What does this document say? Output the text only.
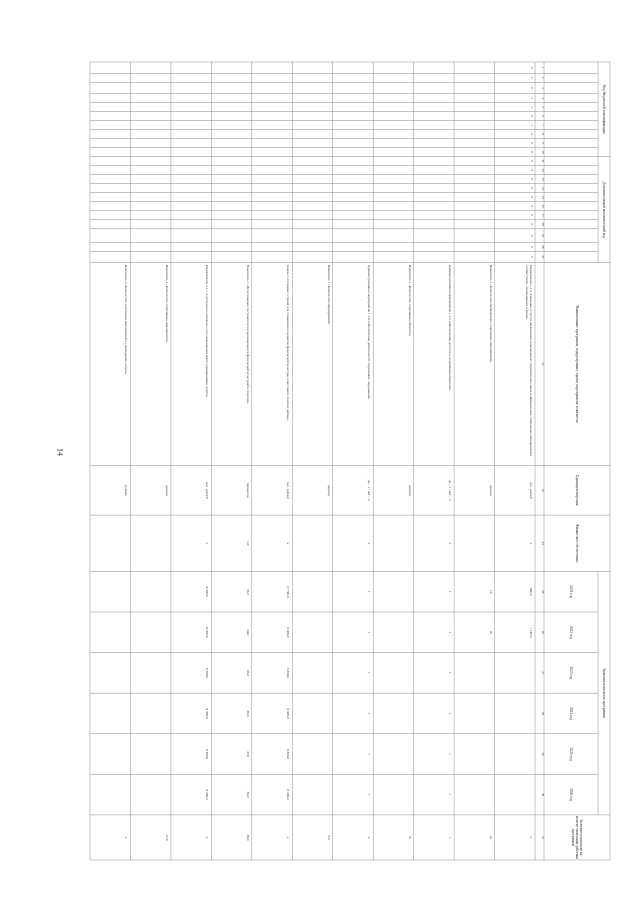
14
Код бюджетной классификации
Дополнительный аналитический код
Наименование программы, подпрограммы, задачи, мероприятия, показателя
Единица измерения
Финансовое обеспечение
Значения показателя программы
2021 год
2022 год
2023 год
2024 год
2025 год
2026 год
Значение показателя на момент окончания действия программы
1
2
3
4
5
6
7
8
9
10
11
12
13
14
15
16
17
18
19
20
21
22
23
24
25
26
27
28
29
30
31
0
1
0
1
1
0
1
2
0
0
0
0
0
0
0
0
0
0
0
0
0
Мероприятие 1.1.5 «Оказание услуг по организации и проведению спортивно-массовых и официальных спортивных мероприятий в соответствии с календарным планом»
тыс. рублей
х
840,6
1 145,6
х
Показатель 1 «Количество проведенных спортивных мероприятий»
единиц
10
10
10
Административное мероприятие 1.1.5 «Обеспечение доступа к спортивным объектам»
да – 1 / нет – 0
х
1
1
1
1
1
1
1
Показатель 1 «Количество спортивных объектов»
единиц
10
Административное мероприятие 1.1.6 «Обеспечение деятельности спортивных сооружений»
да – 1 / нет – 0
х
1
1
1
1
1
1
х
Показатель 1 «Количество мероприятий»
единиц
3,0
Задача 2 «Создание условий для сохранения и развития физической культуры и массового спорта в районе»
тыс. рублей
х
17 746,9
8 308,0
8 308,0
8 308,0
8 308,0
8 308,0
х
Показатель 1 «Доля граждан, систематически занимающихся физической культурой и спортом»
процентов
1,0
33,0
34,0
35,0
36,0
37,0
38,0
38,0
Мероприятие 2.1.1 «Субсидии на оказание услуг, выполнение работ учреждениями спорта»
тыс. рублей
х
8 308,0
8 308,0
8 308,0
8 308,0
8 308,0
8 308,0
х
Показатель 1 «Количество спортивных мероприятий»
единиц
12,0
Показатель 2 «Количество участников мероприятий в учреждениях спорта»
человек
х
